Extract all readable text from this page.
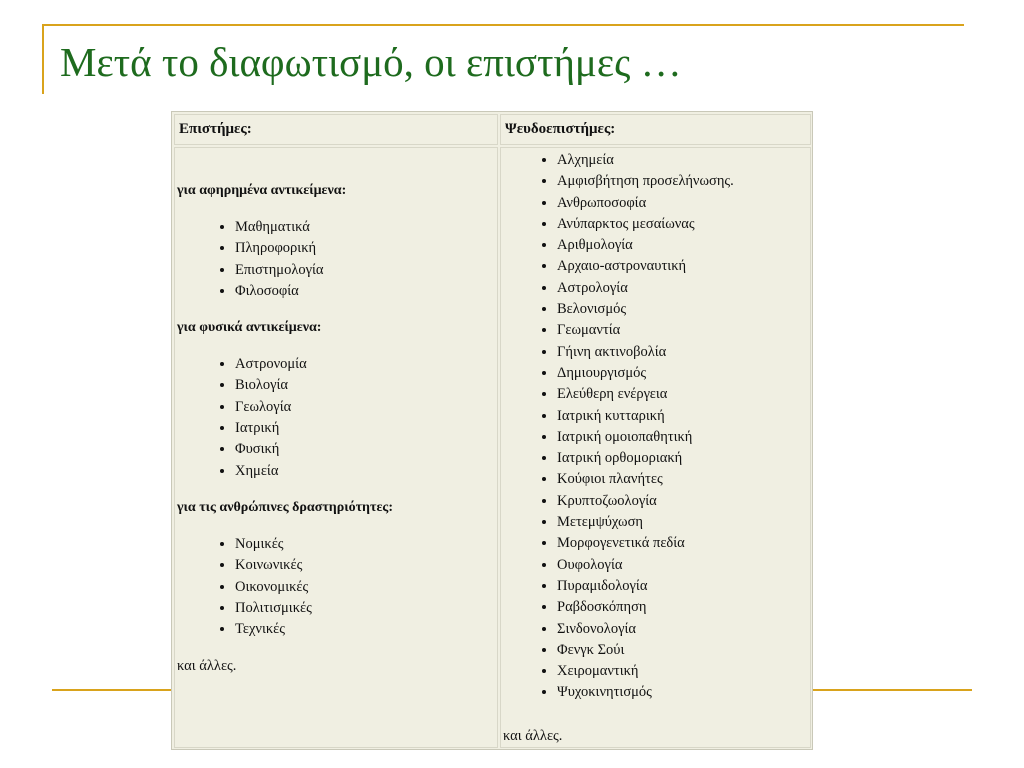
Μετά το διαφωτισμό, οι επιστήμες …

Επιστήμες:	Ψευδοεπιστήμες:

για αφηρημένα αντικείμενα:

• Μαθηματικά
• Πληροφορική
• Επιστημολογία
• Φιλοσοφία

για φυσικά αντικείμενα:

• Αστρονομία
• Βιολογία
• Γεωλογία
• Ιατρική
• Φυσική
• Χημεία

για τις ανθρώπινες δραστηριότητες:

• Νομικές
• Κοινωνικές
• Οικονομικές
• Πολιτισμικές
• Τεχνικές

και άλλες.

• Αλχημεία
• Αμφισβήτηση προσελήνωσης.
• Ανθρωποσοφία
• Ανύπαρκτος μεσαίωνας
• Αριθμολογία
• Αρχαιο-αστροναυτική
• Αστρολογία
• Βελονισμός
• Γεωμαντία
• Γήινη ακτινοβολία
• Δημιουργισμός
• Ελεύθερη ενέργεια
• Ιατρική κυτταρική
• Ιατρική ομοιοπαθητική
• Ιατρική ορθομοριακή
• Κούφιοι πλανήτες
• Κρυπτοζωολογία
• Μετεμψύχωση
• Μορφογενετικά πεδία
• Ουφολογία
• Πυραμιδολογία
• Ραβδοσκόπηση
• Σινδονολογία
• Φενγκ Σούι
• Χειρομαντική
• Ψυχοκινητισμός

και άλλες.
